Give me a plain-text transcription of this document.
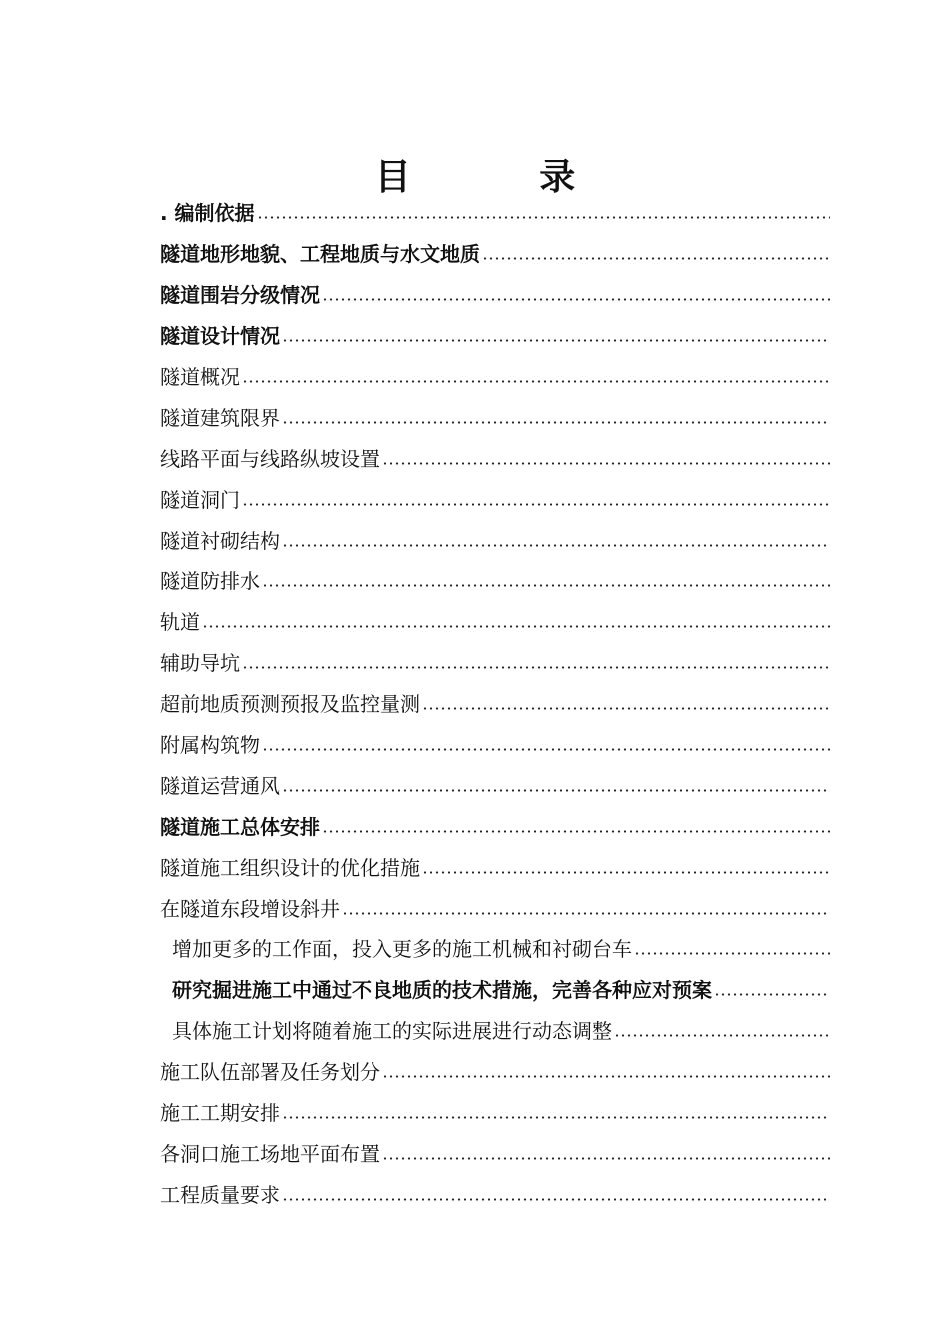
目 录
. 编制依据
隧道地形地貌、工程地质与水文地质
隧道围岩分级情况
隧道设计情况
隧道概况
隧道建筑限界
线路平面与线路纵坡设置
隧道洞门
隧道衬砌结构
隧道防排水
轨道
辅助导坑
超前地质预测预报及监控量测
附属构筑物
隧道运营通风
隧道施工总体安排
隧道施工组织设计的优化措施
在隧道东段增设斜井
增加更多的工作面，投入更多的施工机械和衬砌台车
研究掘进施工中通过不良地质的技术措施，完善各种应对预案
具体施工计划将随着施工的实际进展进行动态调整
施工队伍部署及任务划分
施工工期安排
各洞口施工场地平面布置
工程质量要求
